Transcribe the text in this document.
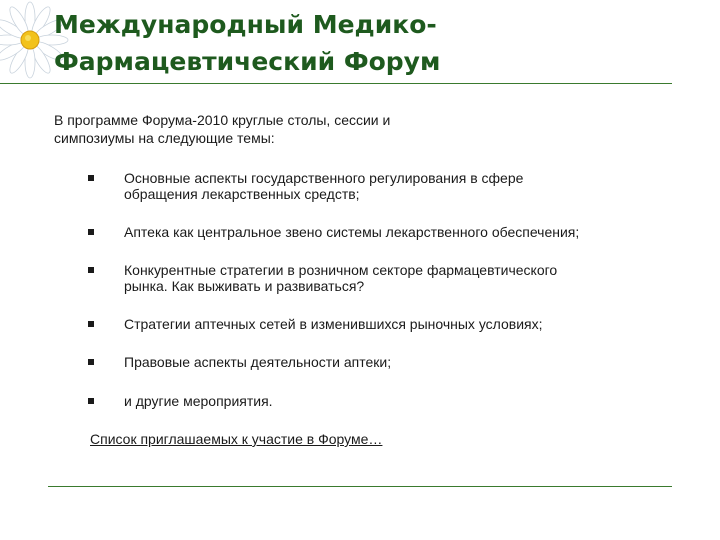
Международный Медико-
Фармацевтический Форум

В программе Форума-2010 круглые столы, сессии и
симпозиумы на следующие темы:

Основные аспекты государственного регулирования в сфере
обращения лекарственных средств;
Аптека как центральное звено системы лекарственного обеспечения;
Конкурентные стратегии в розничном секторе фармацевтического
рынка. Как выживать и развиваться?
Стратегии аптечных сетей в изменившихся рыночных условиях;
Правовые аспекты деятельности аптеки;
и другие мероприятия.
Список приглашаемых к участие в Форуме…
